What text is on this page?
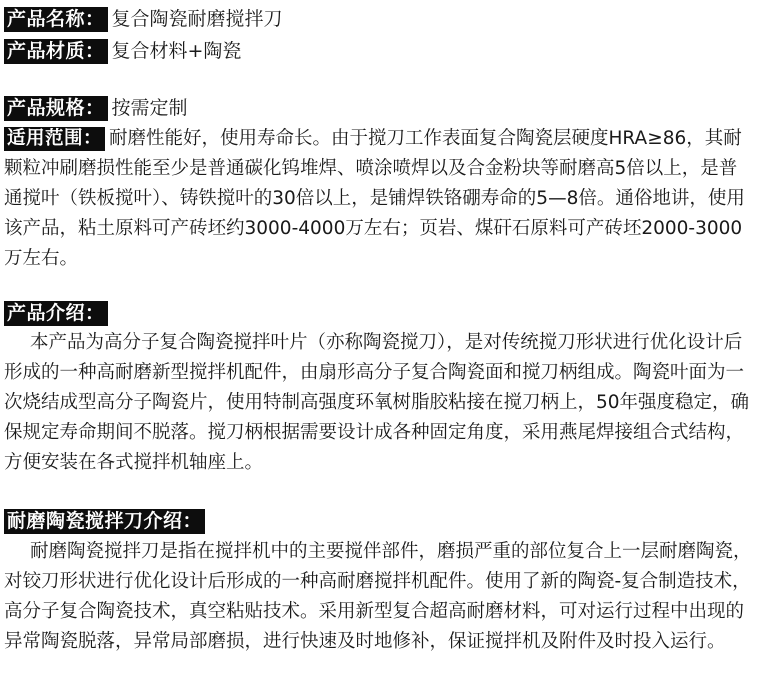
产品名称： 复合陶瓷耐磨搅拌刀
产品材质： 复合材料+陶瓷
产品规格： 按需定制

适用范围： 耐磨性能好，使用寿命长。由于搅刀工作表面复合陶瓷层硬度HRA≥86，其耐颗粒冲刷磨损性能至少是普通碳化钨堆焊、喷涂喷焊以及合金粉块等耐磨高5倍以上，是普通搅叶（铁板搅叶）、铸铁搅叶的30倍以上，是铺焊铁铬硼寿命的5—8倍。通俗地讲，使用该产品，粘土原料可产砖坯约3000-4000万左右；页岩、煤矸石原料可产砖坯2000-3000万左右。

产品介绍：

本产品为高分子复合陶瓷搅拌叶片（亦称陶瓷搅刀），是对传统搅刀形状进行优化设计后形成的一种高耐磨新型搅拌机配件，由扇形高分子复合陶瓷面和搅刀柄组成。陶瓷叶面为一次烧结成型高分子陶瓷片，使用特制高强度环氧树脂胶粘接在搅刀柄上，50年强度稳定，确保规定寿命期间不脱落。搅刀柄根据需要设计成各种固定角度，采用燕尾焊接组合式结构，方便安装在各式搅拌机轴座上。

耐磨陶瓷搅拌刀介绍：

耐磨陶瓷搅拌刀是指在搅拌机中的主要搅伴部件，磨损严重的部位复合上一层耐磨陶瓷，对铰刀形状进行优化设计后形成的一种高耐磨搅拌机配件。使用了新的陶瓷-复合制造技术，高分子复合陶瓷技术，真空粘贴技术。采用新型复合超高耐磨材料，可对运行过程中出现的异常陶瓷脱落，异常局部磨损，进行快速及时地修补，保证搅拌机及附件及时投入运行。
